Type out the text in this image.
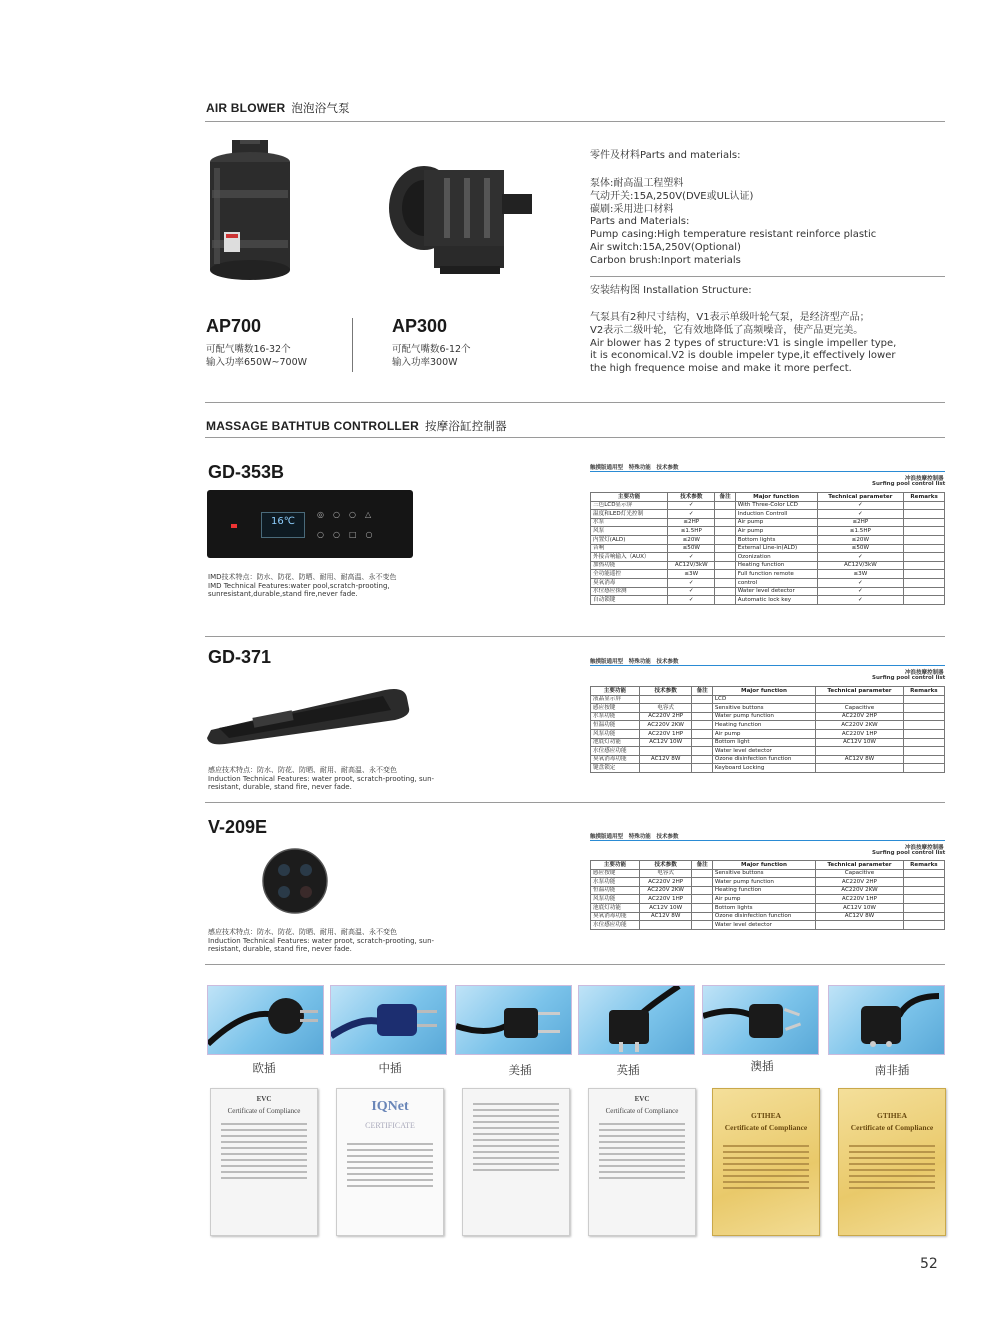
AIR BLOWER 泡泡浴气泵
AP700
可配气嘴数16-32个
输入功率650W~700W
AP300
可配气嘴数6-12个
输入功率300W
零件及材料Parts and materials:
泵体:耐高温工程塑料
气动开关:15A,250V(DVE或UL认证)
碳刷:采用进口材料
Parts and Materials:
Pump casing:High temperature resistant reinforce plastic
Air switch:15A,250V(Optional)
Carbon brush:Inport materials
安装结构图 Installation Structure:
气泵具有2种尺寸结构，V1表示单级叶轮气泵，是经济型产品；
V2表示二级叶轮，它有效地降低了高频噪音，使产品更完美。
Air blower has 2 types of structure:V1 is single impeller type,
it is economical.V2 is double impeler type,it effectively lower
the high frequence moise and make it more perfect.
MASSAGE BATHTUB CONTROLLER 按摩浴缸控制器
GD-353B
16℃
◎○○△
○○□○
IMD技术特点：防水、防花、防晒、耐用、耐高温、永不变色
IMD Technical Features:water pool,scratch-prooting,
sunresistant,durable,stand fire,never fade.
触摸版通用型 特殊功能 技术参数
冲浪按摩控制器
Surfing pool control list
主要功能	技术参数	备注	Major function	Technical parameter	Remarks
三色LCD显示屏	✓		With Three-Color LCD	✓	
温度和LED灯光控制	✓		Induction Controll	✓	
水泵	≤2HP		Air pump	≤2HP	
风泵	≤1.5HP		Air pump	≤1.5HP	
内置灯(ALD)	≤20W		Bottom lights	≤20W	
音响	≤50W		External Line-in(ALD)	≤50W	
外接音响输入（AUX）	✓		Ozonization	✓	
加热功能	AC12V/3kW		Heating function	AC12V/3kW	
全功能遥控	≤3W		Full function remote	≤3W	
臭氧消毒	✓		control	✓	
水位感应探测	✓		Water level detector	✓	
自动锁键	✓		Automatic lock key	✓	
GD-371
感应技术特点：防水、防花、防晒、耐用、耐高温、永不变色
Induction Technical Features: water proot, scratch-prooting, sun-
resistant, durable, stand fire, never fade.
触摸版通用型 特殊功能 技术参数
冲浪按摩控制器
Surfing pool control list
主要功能	技术参数	备注	Major function	Technical parameter	Remarks
液晶显示屏			LCD		
感应按键	电容式		Sensitive buttons	Capacitive	
水泵功能	AC220V 2HP		Water pump function	AC220V 2HP	
恒温功能	AC220V 2KW		Heating function	AC220V 2KW	
风泵功能	AC220V 1HP		Air pump	AC220V 1HP	
池底灯功能	AC12V 10W		Bottom light	AC12V 10W	
水位感应功能			Water level detector		
臭氧消毒功能	AC12V 8W		Ozone disinfection function	AC12V 8W	
键盘锁定			Keyboard Locking		
V-209E
感应技术特点：防水、防花、防晒、耐用、耐高温、永不变色
Induction Technical Features: water proot, scratch-prooting, sun-
resistant, durable, stand fire, never fade.
触摸版通用型 特殊功能 技术参数
冲浪按摩控制器
Surfing pool control list
主要功能	技术参数	备注	Major function	Technical parameter	Remarks
感应按键	电容式		Sensitive buttons	Capacitive	
水泵功能	AC220V 2HP		Water pump function	AC220V 2HP	
恒温功能	AC220V 2KW		Heating function	AC220V 2KW	
风泵功能	AC220V 1HP		Air pump	AC220V 1HP	
池底灯功能	AC12V 10W		Bottom lights	AC12V 10W	
臭氧消毒功能	AC12V 8W		Ozone disinfection function	AC12V 8W	
水位感应功能			Water level detector		
欧插	中插	美插	英插	澳插	南非插
EVC
Certificate of Compliance	IQNet
CERTIFICATE
EVC
Certificate of Compliance	GTIHEA
Certificate of Compliance
GTIHEA
Certificate of Compliance
52
